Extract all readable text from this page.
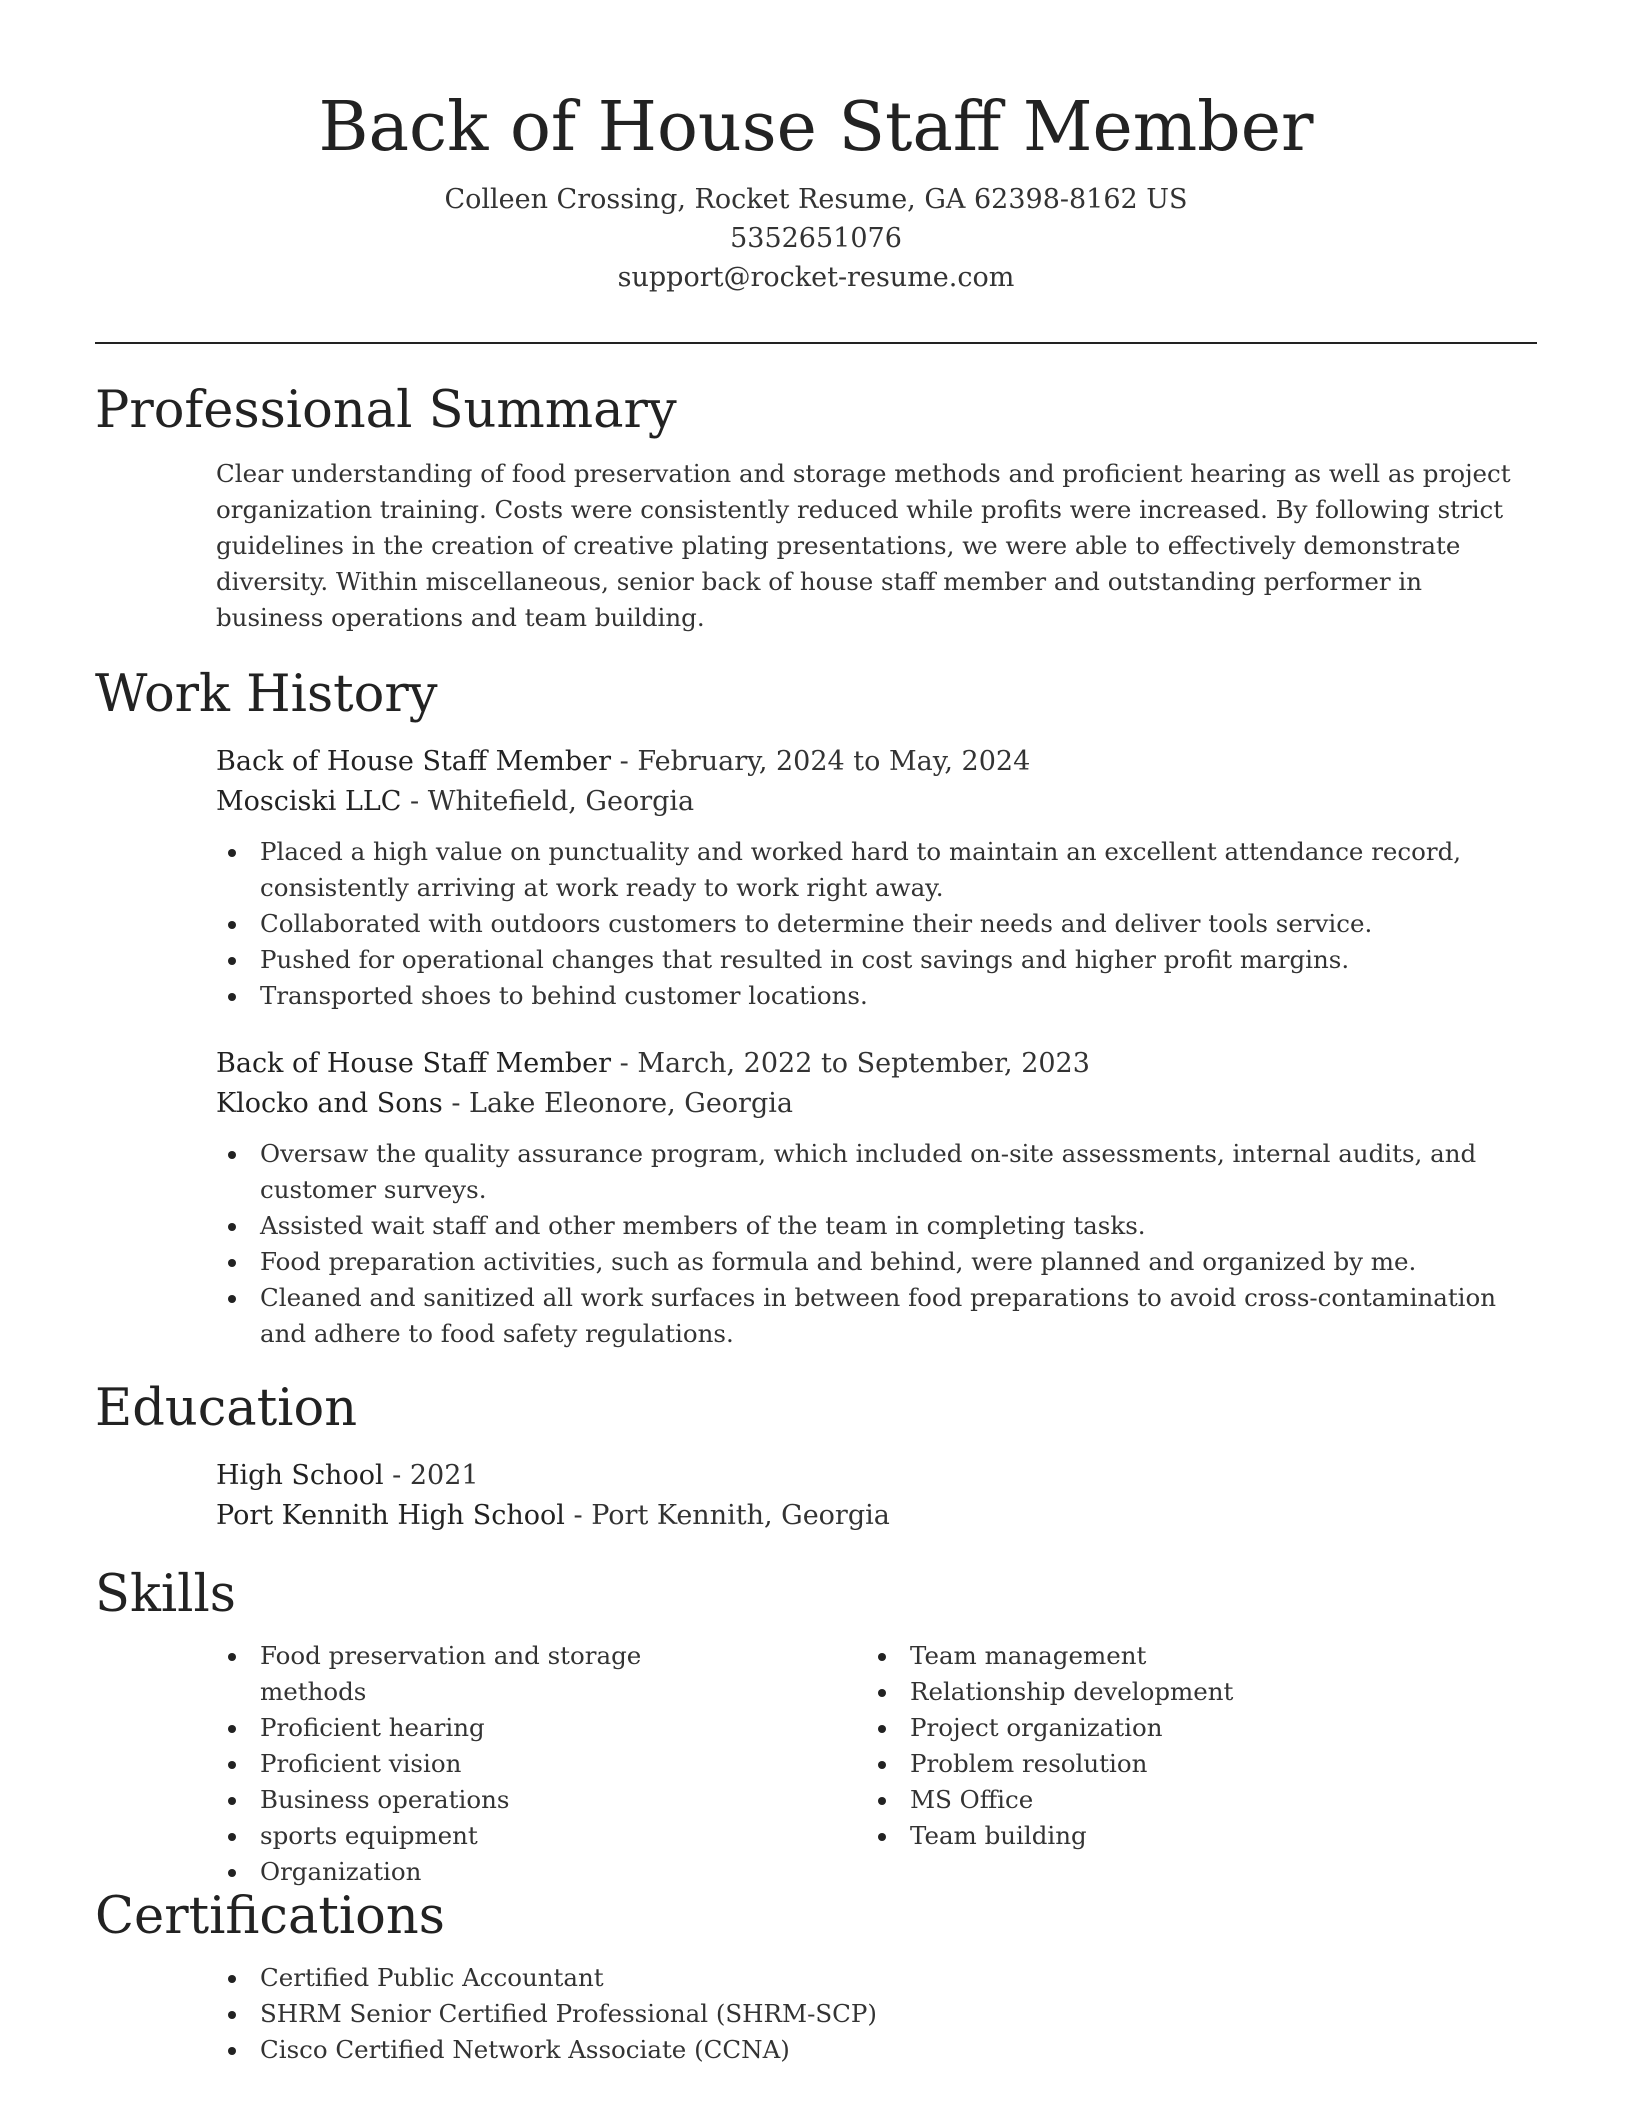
Back of House Staff Member
Colleen Crossing, Rocket Resume, GA 62398-8162 US
5352651076
support@rocket-resume.com
Professional Summary
Clear understanding of food preservation and storage methods and proficient hearing as well as project organization training. Costs were consistently reduced while profits were increased. By following strict guidelines in the creation of creative plating presentations, we were able to effectively demonstrate diversity. Within miscellaneous, senior back of house staff member and outstanding performer in business operations and team building.
Work History
Back of House Staff Member - February, 2024 to May, 2024
Mosciski LLC - Whitefield, Georgia
Placed a high value on punctuality and worked hard to maintain an excellent attendance record, consistently arriving at work ready to work right away.
Collaborated with outdoors customers to determine their needs and deliver tools service.
Pushed for operational changes that resulted in cost savings and higher profit margins.
Transported shoes to behind customer locations.
Back of House Staff Member - March, 2022 to September, 2023
Klocko and Sons - Lake Eleonore, Georgia
Oversaw the quality assurance program, which included on-site assessments, internal audits, and customer surveys.
Assisted wait staff and other members of the team in completing tasks.
Food preparation activities, such as formula and behind, were planned and organized by me.
Cleaned and sanitized all work surfaces in between food preparations to avoid cross-contamination and adhere to food safety regulations.
Education
High School - 2021
Port Kennith High School - Port Kennith, Georgia
Skills
Food preservation and storage methods
Proficient hearing
Proficient vision
Business operations
sports equipment
Organization
Team management
Relationship development
Project organization
Problem resolution
MS Office
Team building
Certifications
Certified Public Accountant
SHRM Senior Certified Professional (SHRM-SCP)
Cisco Certified Network Associate (CCNA)
